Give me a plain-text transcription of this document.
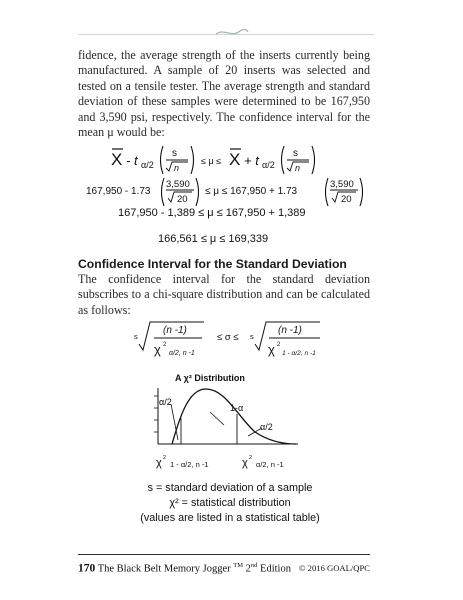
fidence, the average strength of the inserts currently being manufactured. A sample of 20 inserts was selected and tested on a tensile tester. The average strength and standard deviation of these samples were determined to be 167,950 and 3,590 psi, respectively. The confidence interval for the mean μ would be:
X - t α/2
s
n
≤ μ ≤ X + t α/2
s
n
167,950 - 1.73
3,590
20
≤ μ ≤ 167,950 + 1.73
3,590
20
167,950 - 1,389 ≤ μ ≤ 167,950 + 1,389
166,561 ≤ μ ≤ 169,339
Confidence Interval for the Standard Deviation
The confidence interval for the standard deviation subscribes to a chi-square distribution and can be calculated as follows:
s
(n -1)
χ 2
α/2, n -1
≤ σ ≤ s
(n -1)
χ 2
1 - α/2, n -1
A χ² Distribution
α/2
1-α
α/2
χ 2
1 - α/2, n -1	χ 2
α/2, n -1
s = standard deviation of a sample
χ² = statistical distribution
(values are listed in a statistical table)
170 The Black Belt Memory Jogger ™ 2nd Edition © 2016 GOAL/QPC
